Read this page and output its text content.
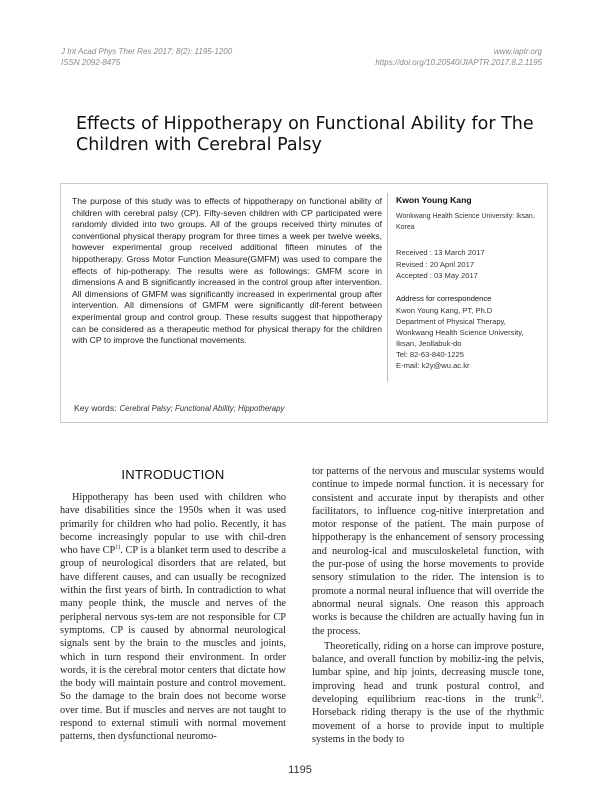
J Int Acad Phys Ther Res 2017; 8(2): 1195-1200
ISSN 2092-8475
www.iaptr.org
https://doi.org/10.20540/JIAPTR.2017.8.2.1195
Effects of Hippotherapy on Functional Ability for The Children with Cerebral Palsy
The purpose of this study was to effects of hippotherapy on functional ability of children with cerebral palsy (CP). Fifty-seven children with CP participated were randomly divided into two groups. All of the groups received thirty minutes of conventional physical therapy program for three times a week per twelve weeks, however experimental group received additional fifteen minutes of the hippotherapy. Gross Motor Function Measure(GMFM) was used to compare the effects of hip-potherapy. The results were as followings: GMFM score in dimensions A and B significantly increased in the control group after intervention. All dimensions of GMFM was significantly increased in experimental group after intervention. All dimensions of GMFM were significantly dif-ferent between experimental group and control group. These results suggest that hippotherapy can be considered as a therapeutic method for physical therapy for the children with CP to improve the functional movements.
Kwon Young Kang
Wonkwang Health Science University: Iksan, Korea
Received : 13 March 2017
Revised : 20 April 2017
Accepted : 03 May 2017
Address for correspondence
Kwon Young Kang, PT, Ph.D
Department of Physical Therapy,
Wonkwang Health Science University,
Iksan, Jeollabuk-do
Tel: 82-63-840-1225
E-mail: k2y@wu.ac.kr
Key words: Cerebral Palsy; Functional Ability; Hippotherapy
INTRODUCTION
Hippotherapy has been used with children who have disabilities since the 1950s when it was used primarily for children who had polio. Recently, it has become increasingly popular to use with chil-dren who have CP$^{1)}$. CP is a blanket term used to describe a group of neurological disorders that are related, but have different causes, and can usually be recognized within the first years of birth. In contradiction to what many people think, the muscle and nerves of the peripheral nervous sys-tem are not responsible for CP symptoms. CP is caused by abnormal neurological signals sent by the brain to the muscles and joints, which in turn respond their environment. In order words, it is the cerebral motor centers that dictate how the body will maintain posture and control movement. So the damage to the brain does not become worse over time. But if muscles and nerves are not taught to respond to external stimuli with normal movement patterns, then dysfunctional neuromo-

tor patterns of the nervous and muscular systems would continue to impede normal function. it is necessary for consistent and accurate input by therapists and other facilitators, to influence cog-nitive interpretation and motor response of the patient. The main purpose of hippotherapy is the enhancement of sensory processing and neurolog-ical and musculoskeletal function, with the pur-pose of using the horse movements to provide sensory stimulation to the rider. The intension is to promote a normal neural influence that will override the abnormal neural signals. One reason this approach works is because the children are actually having fun in the process.

Theoretically, riding on a horse can improve posture, balance, and overall function by mobiliz-ing the pelvis, lumbar spine, and hip joints, decreasing muscle tone, improving head and trunk postural control, and developing equilibrium reac-tions in the trunk$^{2)}$. Horseback riding therapy is the use of the rhythmic movement of a horse to provide input to multiple systems in the body to

1195
